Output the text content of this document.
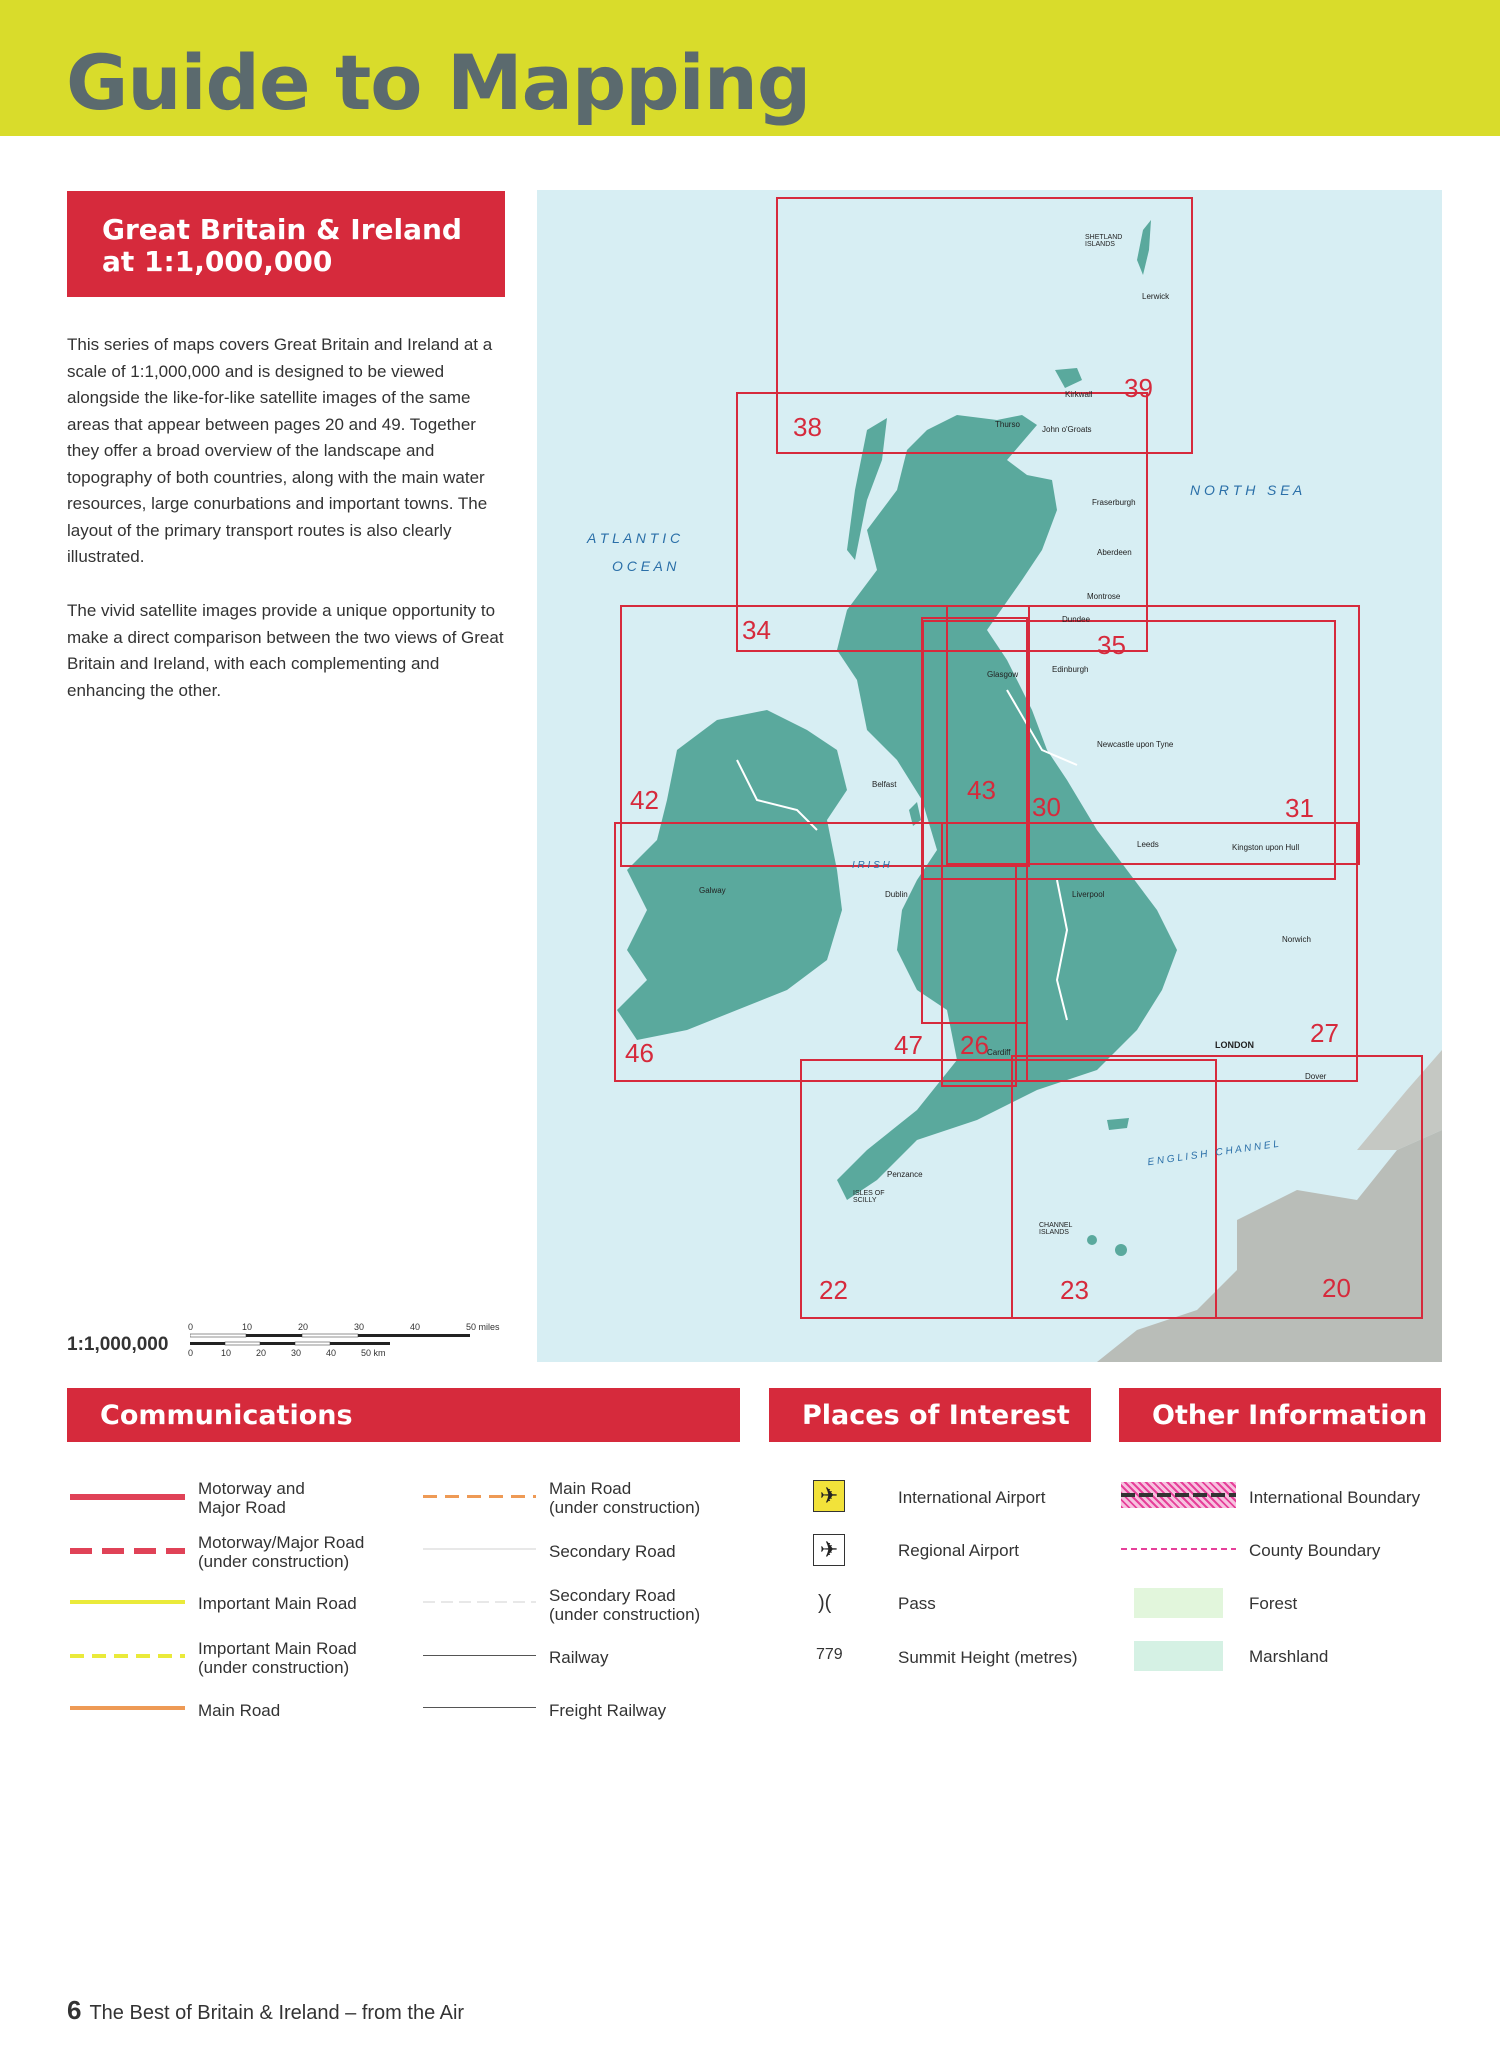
Guide to Mapping
Great Britain & Ireland
at 1:1,000,000

This series of maps covers Great Britain and Ireland at a scale of 1:1,000,000 and is designed to be viewed alongside the like-for-like satellite images of the same areas that appear between pages 20 and 49. Together they offer a broad overview of the landscape and topography of both countries, along with the main water resources, large conurbations and important towns. The layout of the primary transport routes is also clearly illustrated.

The vivid satellite images provide a unique opportunity to make a direct comparison between the two views of Great Britain and Ireland, with each complementing and enhancing the other.

A T L A N T I C
O C E A N
N O R T H   S E A
E N G L I S H   C H A N N E L
I R I S H
39
38
34	35
42	43
30	31
46	47 26	27
22	23	20
SHETLAND ISLANDS
Lerwick
Kirkwall
Thurso
John o'Groats
Fraserburgh
Aberdeen
Montrose
Dundee
Glasgow
Edinburgh
Newcastle upon Tyne
Belfast
Dublin
Galway
Leeds
Liverpool
Kingston upon Hull
Norwich
LONDON
Dover
Cardiff
Penzance
ISLES OF SCILLY
CHANNEL ISLANDS
1:1,000,000
0	10	20	30	40	50 miles
0	10	20	30	40	50 km
Communications	Places of Interest	Other Information
Motorway and
Major Road
Motorway/Major Road
(under construction)
Important Main Road
Important Main Road
(under construction)
Main Road
Main Road
(under construction)
Secondary Road
Secondary Road
(under construction)
Railway
Freight Railway
✈	International Airport
✈	Regional Airport
)(	Pass
779	Summit Height (metres)
International Boundary
County Boundary
Forest
Marshland
6 The Best of Britain & Ireland – from the Air
